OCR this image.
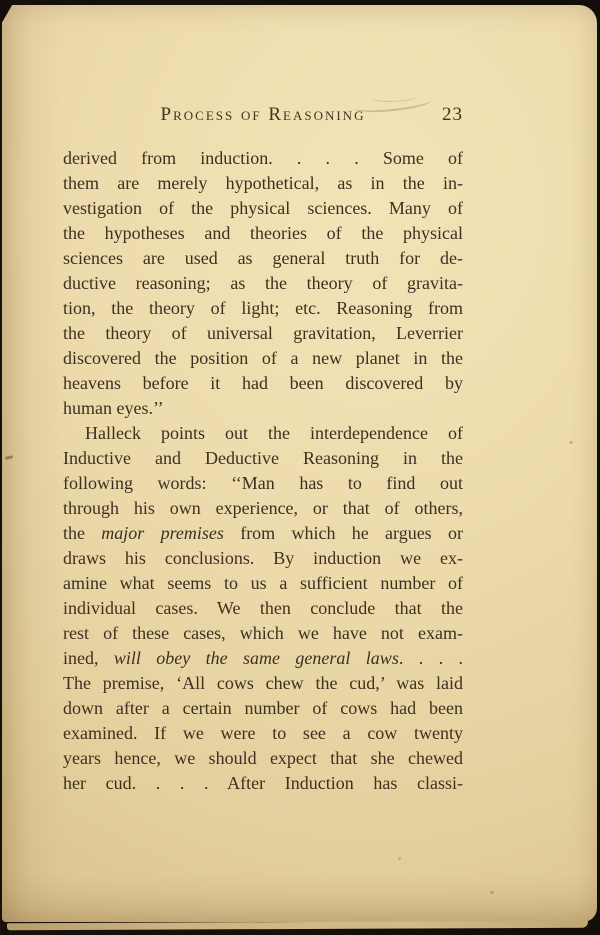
Process of Reasoning	23
derived from induction. . . . Some of
them are merely hypothetical, as in the in-
vestigation of the physical sciences. Many of
the hypotheses and theories of the physical
sciences are used as general truth for de-
ductive reasoning; as the theory of gravita-
tion, the theory of light; etc. Reasoning from
the theory of universal gravitation, Leverrier
discovered the position of a new planet in the
heavens before it had been discovered by
human eyes.’’
Halleck points out the interdependence of
Inductive and Deductive Reasoning in the
following words: ‘‘Man has to find out
through his own experience, or that of others,
the major premises from which he argues or
draws his conclusions. By induction we ex-
amine what seems to us a sufficient number of
individual cases. We then conclude that the
rest of these cases, which we have not exam-
ined, will obey the same general laws. . . .
The premise, ‘All cows chew the cud,’ was laid
down after a certain number of cows had been
examined. If we were to see a cow twenty
years hence, we should expect that she chewed
her cud. . . . After Induction has classi-
